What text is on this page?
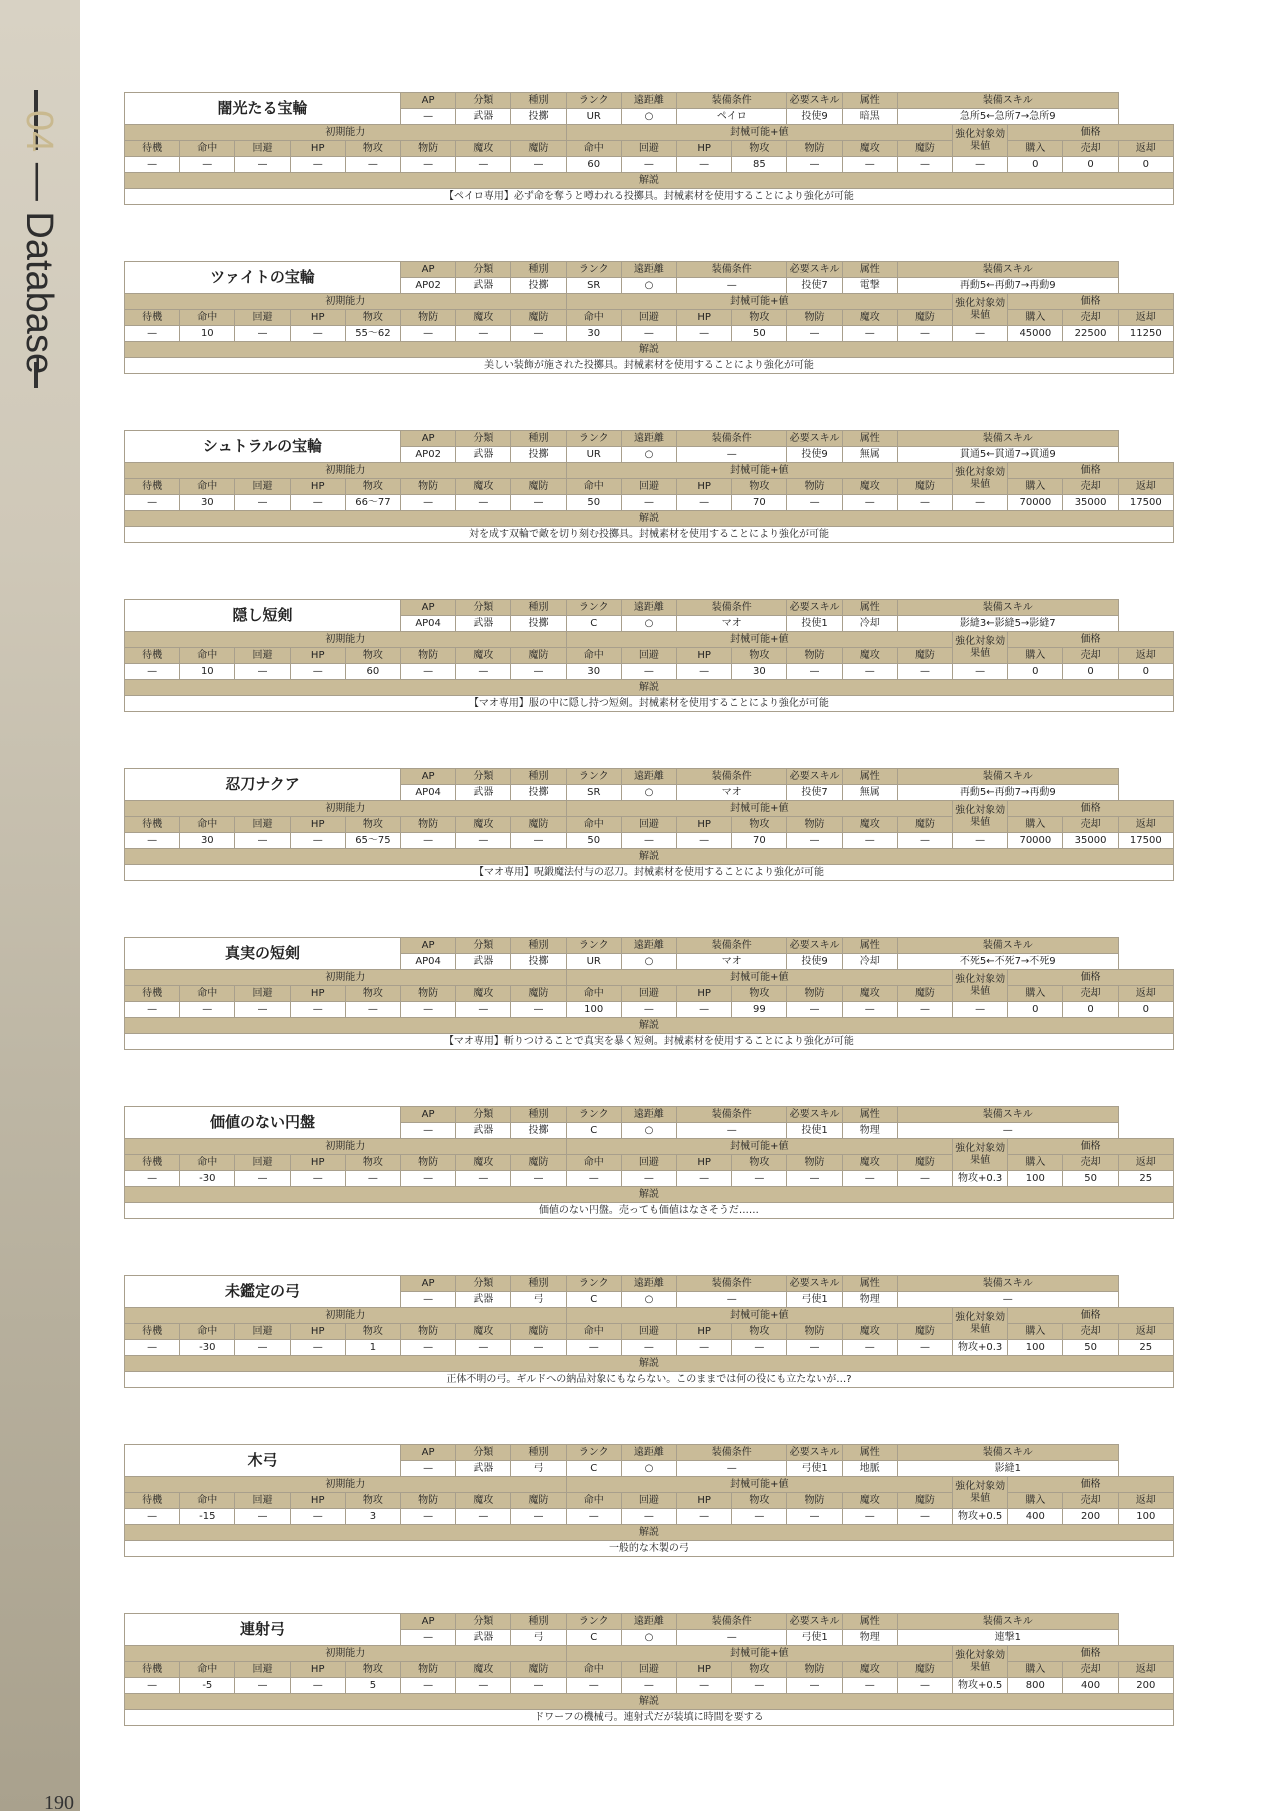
04 — Database
闇光たる宝輪					AP	分類	種別	ランク	遠距離	装備条件		必要スキル	属性	装備スキル				
					—	武器	投擲	UR	○	ペイロ		投使9	暗黒	急所5←急所7→急所9				
初期能力								封械可能+値							強化対象効果値	価格		
待機	命中	回避	HP	物攻	物防	魔攻	魔防	命中	回避	HP	物攻	物防	魔攻	魔防		購入	売却	返却
—	—	—	—	—	—	—	—	60	—	—	85	—	—	—	—	0	0	0
解説																		
【ペイロ専用】必ず命を奪うと噂われる投擲具。封械素材を使用することにより強化が可能																		
ツァイトの宝輪					AP	分類	種別	ランク	遠距離	装備条件		必要スキル	属性	装備スキル				
					AP02	武器	投擲	SR	○	—		投使7	電撃	再動5←再動7→再動9				
初期能力								封械可能+値							強化対象効果値	価格		
待機	命中	回避	HP	物攻	物防	魔攻	魔防	命中	回避	HP	物攻	物防	魔攻	魔防		購入	売却	返却
—	10	—	—	55～62	—	—	—	30	—	—	50	—	—	—	—	45000	22500	11250
解説																		
美しい装飾が施された投擲具。封械素材を使用することにより強化が可能																		
シュトラルの宝輪					AP	分類	種別	ランク	遠距離	装備条件		必要スキル	属性	装備スキル				
					AP02	武器	投擲	UR	○	—		投使9	無属	貫通5←貫通7→貫通9				
初期能力								封械可能+値							強化対象効果値	価格		
待機	命中	回避	HP	物攻	物防	魔攻	魔防	命中	回避	HP	物攻	物防	魔攻	魔防		購入	売却	返却
—	30	—	—	66～77	—	—	—	50	—	—	70	—	—	—	—	70000	35000	17500
解説																		
対を成す双輪で敵を切り刻む投擲具。封械素材を使用することにより強化が可能																		
隠し短剣					AP	分類	種別	ランク	遠距離	装備条件		必要スキル	属性	装備スキル				
					AP04	武器	投擲	C	○	マオ		投使1	冷却	影縫3←影縫5→影縫7				
初期能力								封械可能+値							強化対象効果値	価格		
待機	命中	回避	HP	物攻	物防	魔攻	魔防	命中	回避	HP	物攻	物防	魔攻	魔防		購入	売却	返却
—	10	—	—	60	—	—	—	30	—	—	30	—	—	—	—	0	0	0
解説																		
【マオ専用】服の中に隠し持つ短剣。封械素材を使用することにより強化が可能																		
忍刀ナクア					AP	分類	種別	ランク	遠距離	装備条件		必要スキル	属性	装備スキル				
					AP04	武器	投擲	SR	○	マオ		投使7	無属	再動5←再動7→再動9				
初期能力								封械可能+値							強化対象効果値	価格		
待機	命中	回避	HP	物攻	物防	魔攻	魔防	命中	回避	HP	物攻	物防	魔攻	魔防		購入	売却	返却
—	30	—	—	65～75	—	—	—	50	—	—	70	—	—	—	—	70000	35000	17500
解説																		
【マオ専用】呪鍛魔法付与の忍刀。封械素材を使用することにより強化が可能																		
真実の短剣					AP	分類	種別	ランク	遠距離	装備条件		必要スキル	属性	装備スキル				
					AP04	武器	投擲	UR	○	マオ		投使9	冷却	不死5←不死7→不死9				
初期能力								封械可能+値							強化対象効果値	価格		
待機	命中	回避	HP	物攻	物防	魔攻	魔防	命中	回避	HP	物攻	物防	魔攻	魔防		購入	売却	返却
—	—	—	—	—	—	—	—	100	—	—	99	—	—	—	—	0	0	0
解説																		
【マオ専用】斬りつけることで真実を暴く短剣。封械素材を使用することにより強化が可能																		
価値のない円盤					AP	分類	種別	ランク	遠距離	装備条件		必要スキル	属性	装備スキル				
					—	武器	投擲	C	○	—		投使1	物理	—				
初期能力								封械可能+値							強化対象効果値	価格		
待機	命中	回避	HP	物攻	物防	魔攻	魔防	命中	回避	HP	物攻	物防	魔攻	魔防		購入	売却	返却
—	-30	—	—	—	—	—	—	—	—	—	—	—	—	—	物攻+0.3	100	50	25
解説																		
価値のない円盤。売っても価値はなさそうだ……																		
未鑑定の弓					AP	分類	種別	ランク	遠距離	装備条件		必要スキル	属性	装備スキル				
					—	武器	弓	C	○	—		弓使1	物理	—				
初期能力								封械可能+値							強化対象効果値	価格		
待機	命中	回避	HP	物攻	物防	魔攻	魔防	命中	回避	HP	物攻	物防	魔攻	魔防		購入	売却	返却
—	-30	—	—	1	—	—	—	—	—	—	—	—	—	—	物攻+0.3	100	50	25
解説																		
正体不明の弓。ギルドへの納品対象にもならない。このままでは何の役にも立たないが…?																		
木弓					AP	分類	種別	ランク	遠距離	装備条件		必要スキル	属性	装備スキル				
					—	武器	弓	C	○	—		弓使1	地脈	影縫1				
初期能力								封械可能+値							強化対象効果値	価格		
待機	命中	回避	HP	物攻	物防	魔攻	魔防	命中	回避	HP	物攻	物防	魔攻	魔防		購入	売却	返却
—	-15	—	—	3	—	—	—	—	—	—	—	—	—	—	物攻+0.5	400	200	100
解説																		
一般的な木製の弓																		
連射弓					AP	分類	種別	ランク	遠距離	装備条件		必要スキル	属性	装備スキル				
					—	武器	弓	C	○	—		弓使1	物理	連撃1				
初期能力								封械可能+値							強化対象効果値	価格		
待機	命中	回避	HP	物攻	物防	魔攻	魔防	命中	回避	HP	物攻	物防	魔攻	魔防		購入	売却	返却
—	-5	—	—	5	—	—	—	—	—	—	—	—	—	—	物攻+0.5	800	400	200
解説																		
ドワーフの機械弓。連射式だが装填に時間を要する																		
190
